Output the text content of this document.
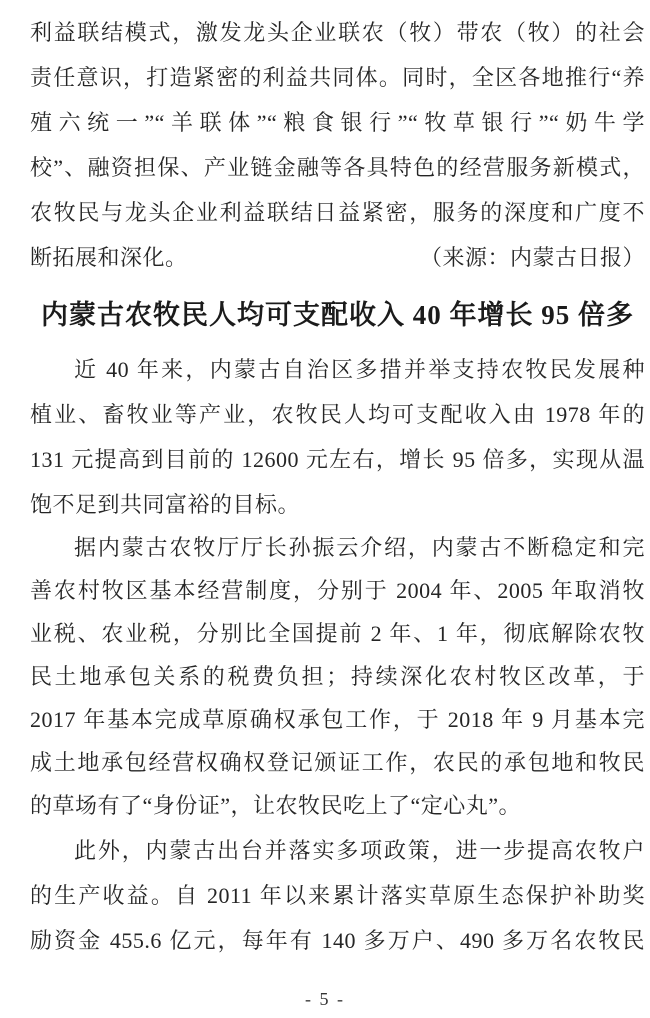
利益联结模式，激发龙头企业联农（牧）带农（牧）的社会
责任意识，打造紧密的利益共同体。同时，全区各地推行“养
殖六统一”“羊联体”“粮食银行”“牧草银行”“奶牛学
校”、融资担保、产业链金融等各具特色的经营服务新模式，
农牧民与龙头企业利益联结日益紧密，服务的深度和广度不
断拓展和深化。	（来源：内蒙古日报）
内蒙古农牧民人均可支配收入 40 年增长 95 倍多
近 40 年来，内蒙古自治区多措并举支持农牧民发展种
植业、畜牧业等产业，农牧民人均可支配收入由 1978 年的
131 元提高到目前的 12600 元左右，增长 95 倍多，实现从温
饱不足到共同富裕的目标。
据内蒙古农牧厅厅长孙振云介绍，内蒙古不断稳定和完
善农村牧区基本经营制度，分别于 2004 年、2005 年取消牧
业税、农业税，分别比全国提前 2 年、1 年，彻底解除农牧
民土地承包关系的税费负担；持续深化农村牧区改革，于
2017 年基本完成草原确权承包工作，于 2018 年 9 月基本完
成土地承包经营权确权登记颁证工作，农民的承包地和牧民
的草场有了“身份证”，让农牧民吃上了“定心丸”。
此外，内蒙古出台并落实多项政策，进一步提高农牧户
的生产收益。自 2011 年以来累计落实草原生态保护补助奖
励资金 455.6 亿元，每年有 140 多万户、490 多万名农牧民
- 5 -
